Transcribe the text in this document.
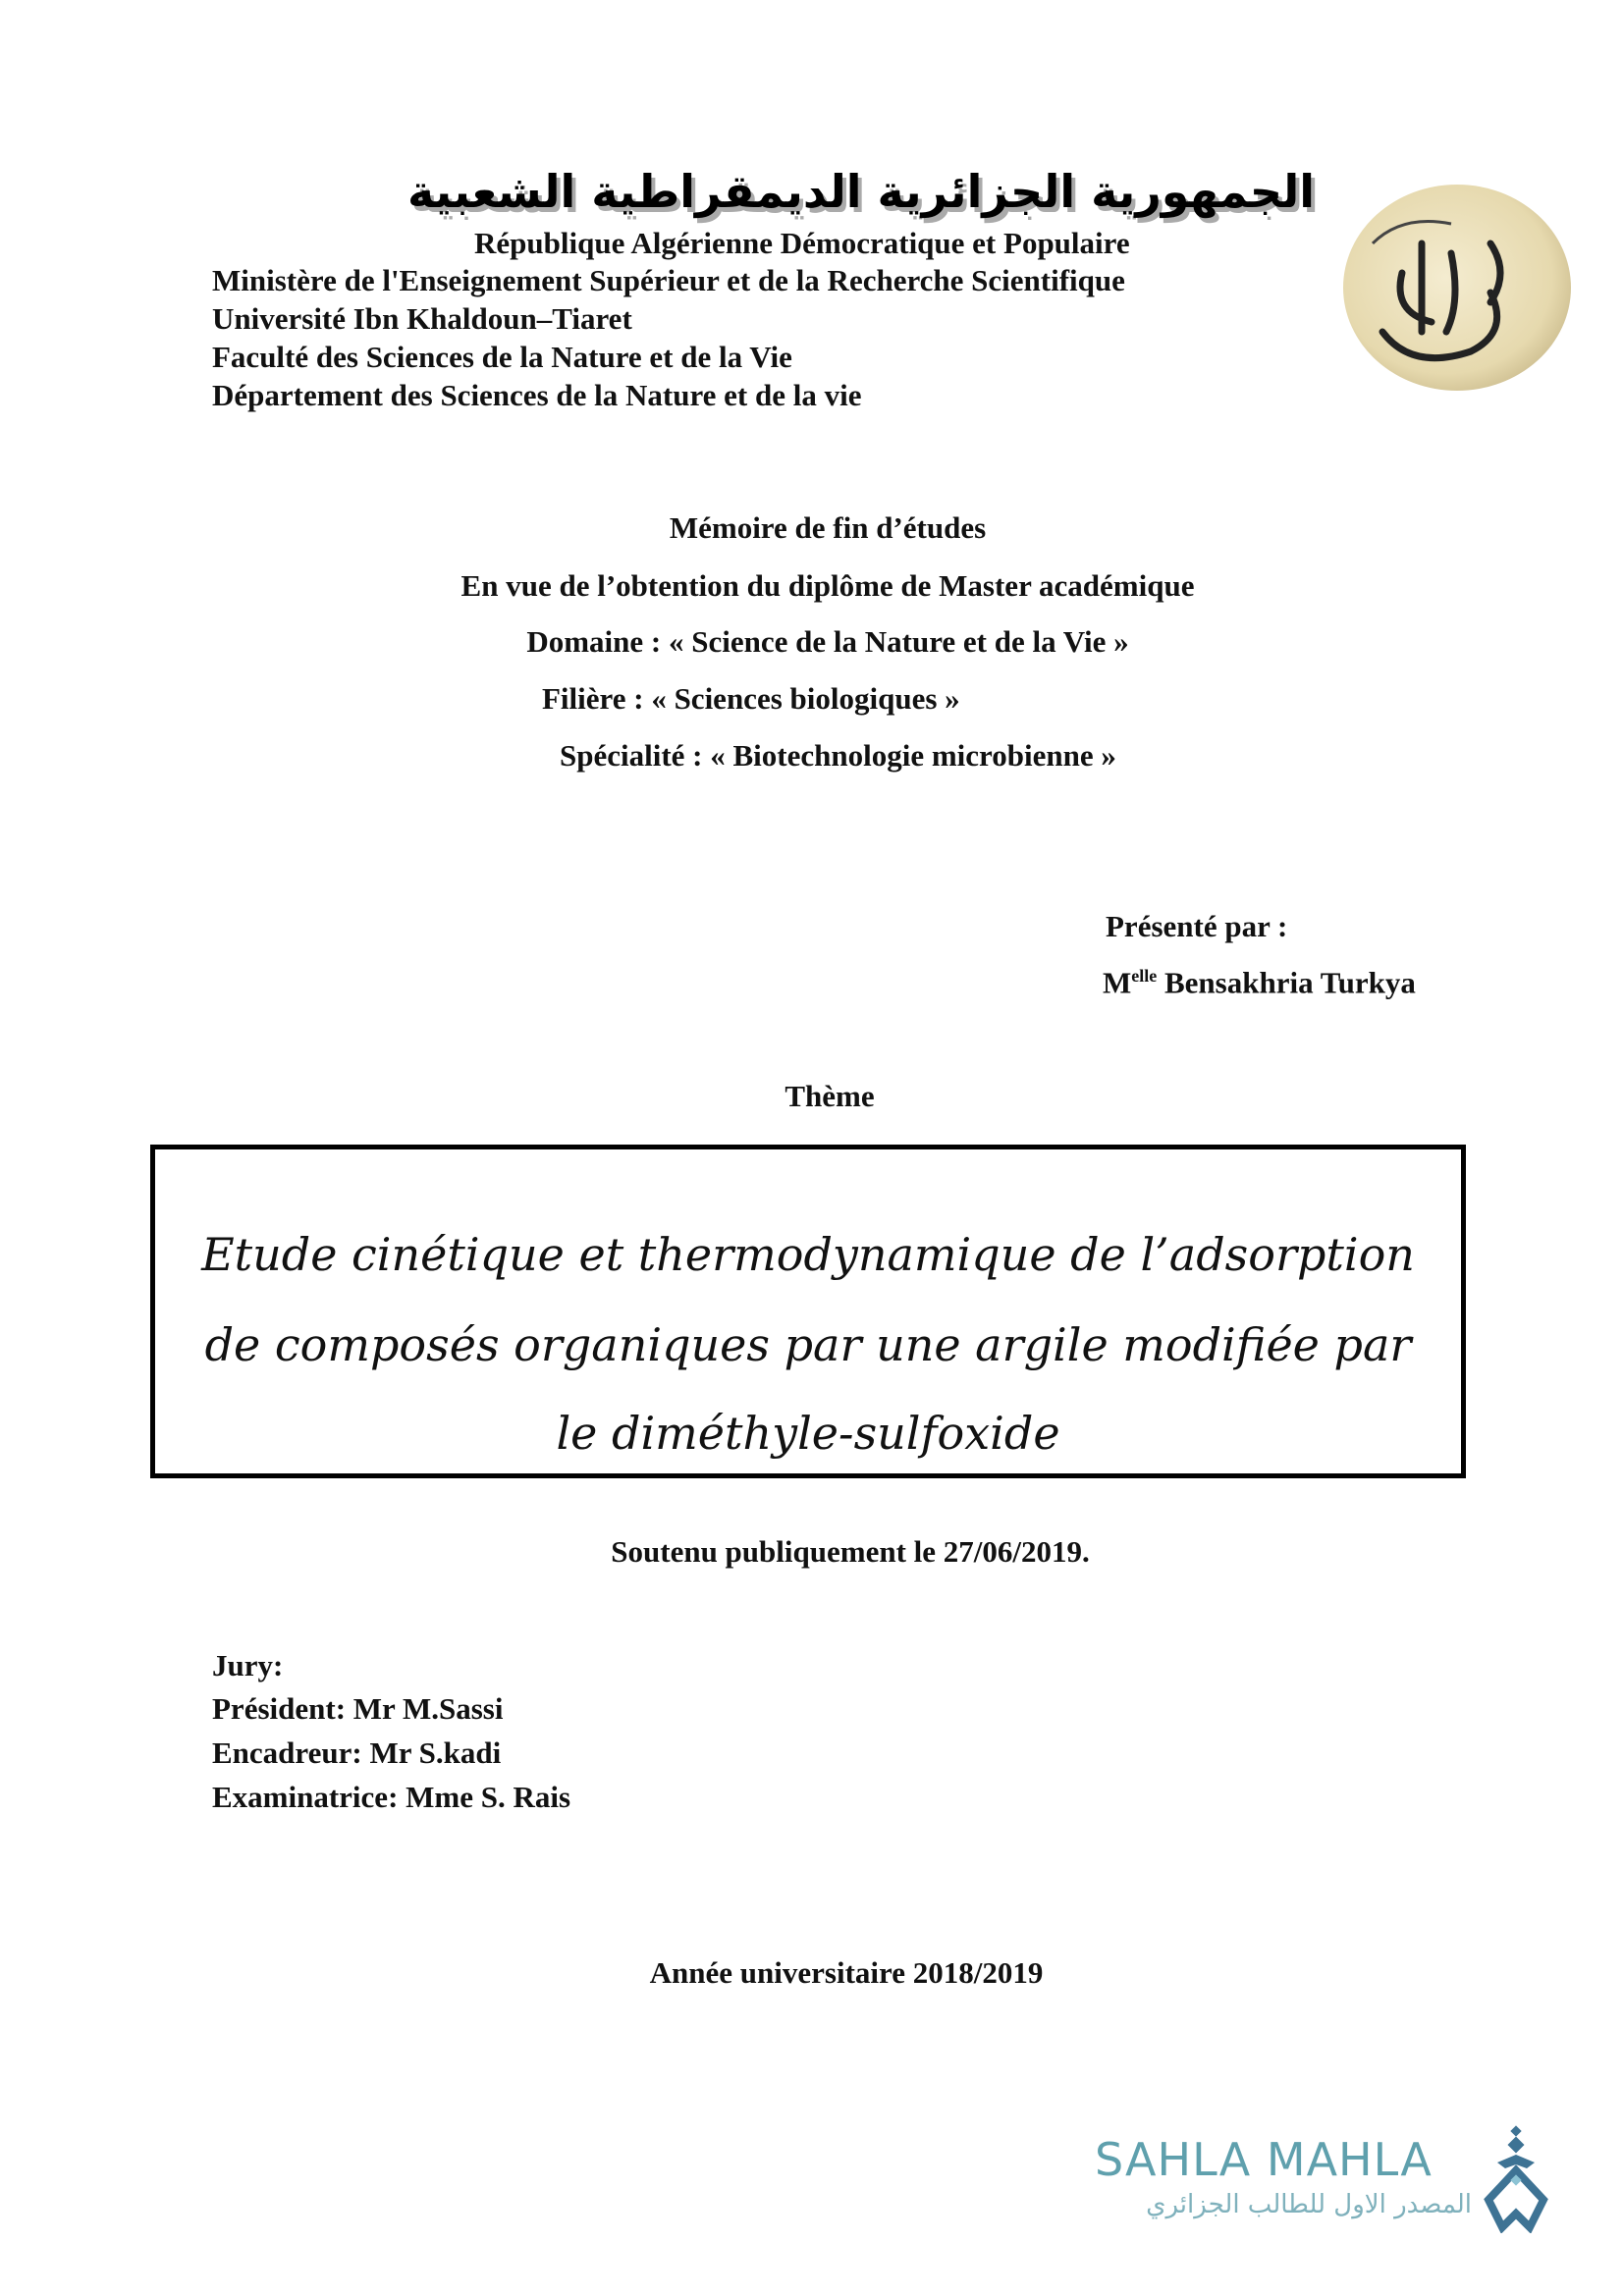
الجمهورية الجزائرية الديمقراطية الشعبية
République Algérienne Démocratique et Populaire
Ministère de l'Enseignement Supérieur et de la Recherche Scientifique
Université Ibn Khaldoun–Tiaret
Faculté des Sciences de la Nature et de la Vie
Département des Sciences de la Nature et de la vie
Mémoire de fin d’études
En vue de l’obtention du diplôme de Master académique
Domaine : « Science de la Nature et de la Vie »
Filière : « Sciences biologiques »
Spécialité : « Biotechnologie microbienne »
Présenté par :
$M^{elle}$ Bensakhria Turkya
Thème
Etude cinétique et thermodynamique de l’adsorption
de composés organiques par une argile modifiée par
le diméthyle-sulfoxide
Soutenu publiquement le 27/06/2019.
Jury:
Président: Mr M.Sassi
Encadreur: Mr S.kadi
Examinatrice: Mme S. Rais
Année universitaire 2018/2019
SAHLA MAHLA
المصدر الاول للطالب الجزائري
